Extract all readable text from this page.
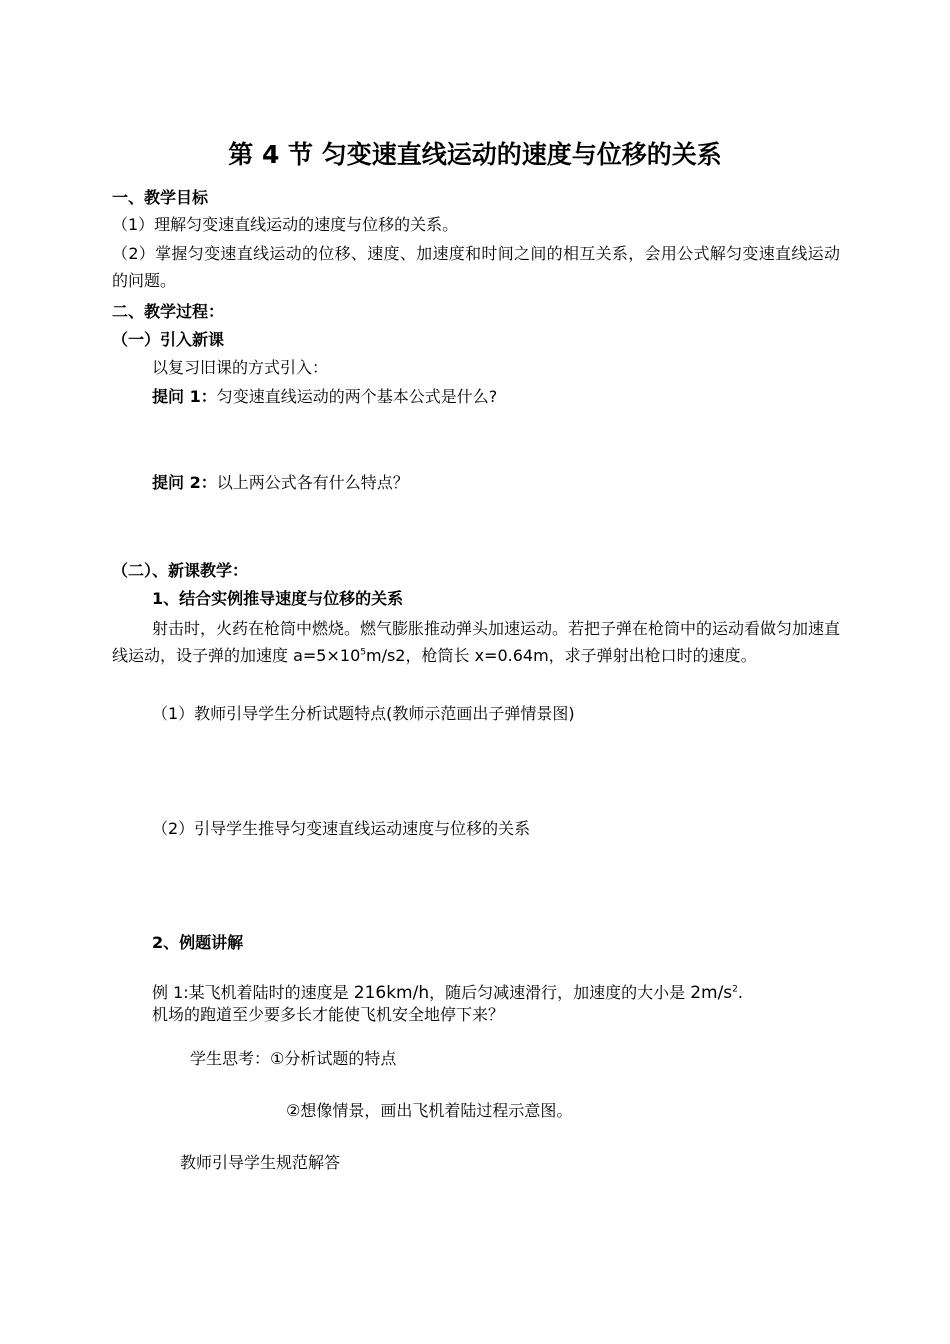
第 4 节 匀变速直线运动的速度与位移的关系
一、教学目标
（1）理解匀变速直线运动的速度与位移的关系。
（2）掌握匀变速直线运动的位移、速度、加速度和时间之间的相互关系，会用公式解匀变速直线运动的问题。
二、教学过程：
（一）引入新课
以复习旧课的方式引入：
提问 1：匀变速直线运动的两个基本公式是什么?
提问 2：以上两公式各有什么特点？
（二）、新课教学：
1、结合实例推导速度与位移的关系
射击时，火药在枪筒中燃烧。燃气膨胀推动弹头加速运动。若把子弹在枪筒中的运动看做匀加速直线运动，设子弹的加速度 $a=5\times 10^5m/s2$，枪筒长 x=0.64m，求子弹射出枪口时的速度。
（1）教师引导学生分析试题特点(教师示范画出子弹情景图)
（2）引导学生推导匀变速直线运动速度与位移的关系
2、例题讲解
例 1:某飞机着陆时的速度是 216km/h，随后匀减速滑行，加速度的大小是 $2m/s^2$.
机场的跑道至少要多长才能使飞机安全地停下来？
学生思考：①分析试题的特点
②想像情景，画出飞机着陆过程示意图。
教师引导学生规范解答
